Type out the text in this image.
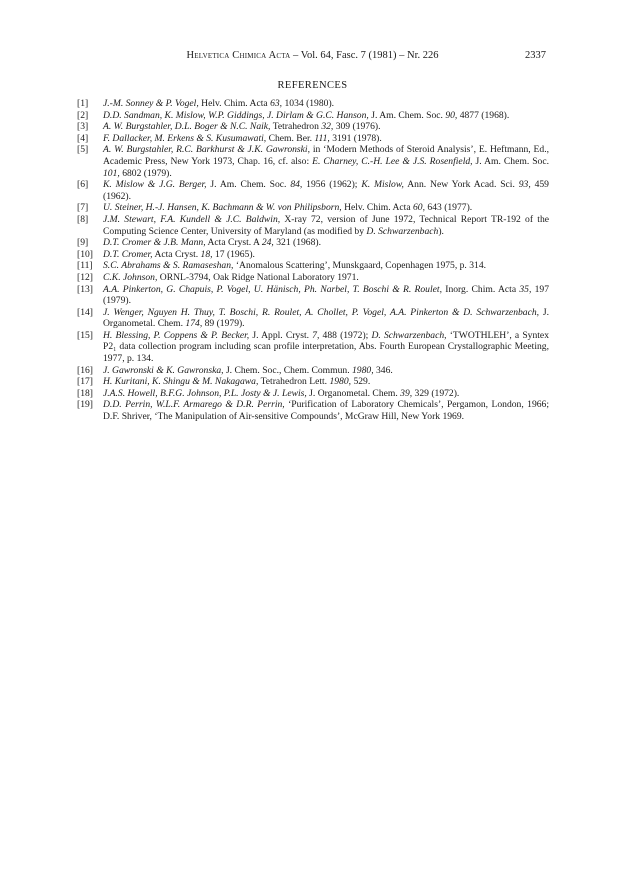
Helvetica Chimica Acta – Vol. 64, Fasc. 7 (1981) – Nr. 226	2337
REFERENCES
[1]	J.-M. Sonney & P. Vogel, Helv. Chim. Acta 63, 1034 (1980).
[2]	D.D. Sandman, K. Mislow, W.P. Giddings, J. Dirlam & G.C. Hanson, J. Am. Chem. Soc. 90, 4877 (1968).
[3]	A. W. Burgstahler, D.L. Boger & N.C. Naik, Tetrahedron 32, 309 (1976).
[4]	F. Dallacker, M. Erkens & S. Kusumawati, Chem. Ber. 111, 3191 (1978).
[5]	A. W. Burgstahler, R.C. Barkhurst & J.K. Gawronski, in ‘Modern Methods of Steroid Analysis’, E. Heftmann, Ed., Academic Press, New York 1973, Chap. 16, cf. also: E. Charney, C.-H. Lee & J.S. Rosenfield, J. Am. Chem. Soc. 101, 6802 (1979).
[6]	K. Mislow & J.G. Berger, J. Am. Chem. Soc. 84, 1956 (1962); K. Mislow, Ann. New York Acad. Sci. 93, 459 (1962).
[7]	U. Steiner, H.-J. Hansen, K. Bachmann & W. von Philipsborn, Helv. Chim. Acta 60, 643 (1977).
[8]	J.M. Stewart, F.A. Kundell & J.C. Baldwin, X-ray 72, version of June 1972, Technical Report TR-192 of the Computing Science Center, University of Maryland (as modified by D. Schwarzenbach).
[9]	D.T. Cromer & J.B. Mann, Acta Cryst. A 24, 321 (1968).
[10]	D.T. Cromer, Acta Cryst. 18, 17 (1965).
[11]	S.C. Abrahams & S. Ramaseshan, ‘Anomalous Scattering’, Munskgaard, Copenhagen 1975, p. 314.
[12]	C.K. Johnson, ORNL-3794, Oak Ridge National Laboratory 1971.
[13]	A.A. Pinkerton, G. Chapuis, P. Vogel, U. Hänisch, Ph. Narbel, T. Boschi & R. Roulet, Inorg. Chim. Acta 35, 197 (1979).
[14]	J. Wenger, Nguyen H. Thuy, T. Boschi, R. Roulet, A. Chollet, P. Vogel, A.A. Pinkerton & D. Schwarzenbach, J. Organometal. Chem. 174, 89 (1979).
[15]	H. Blessing, P. Coppens & P. Becker, J. Appl. Cryst. 7, 488 (1972); D. Schwarzenbach, ‘TWOTHLEH’, a Syntex P2₁ data collection program including scan profile interpretation, Abs. Fourth European Crystallographic Meeting, 1977, p. 134.
[16]	J. Gawronski & K. Gawronska, J. Chem. Soc., Chem. Commun. 1980, 346.
[17]	H. Kuritani, K. Shingu & M. Nakagawa, Tetrahedron Lett. 1980, 529.
[18]	J.A.S. Howell, B.F.G. Johnson, P.L. Josty & J. Lewis, J. Organometal. Chem. 39, 329 (1972).
[19]	D.D. Perrin, W.L.F. Armarego & D.R. Perrin, ‘Purification of Laboratory Chemicals’, Pergamon, London, 1966; D.F. Shriver, ‘The Manipulation of Air-sensitive Compounds’, McGraw Hill, New York 1969.
